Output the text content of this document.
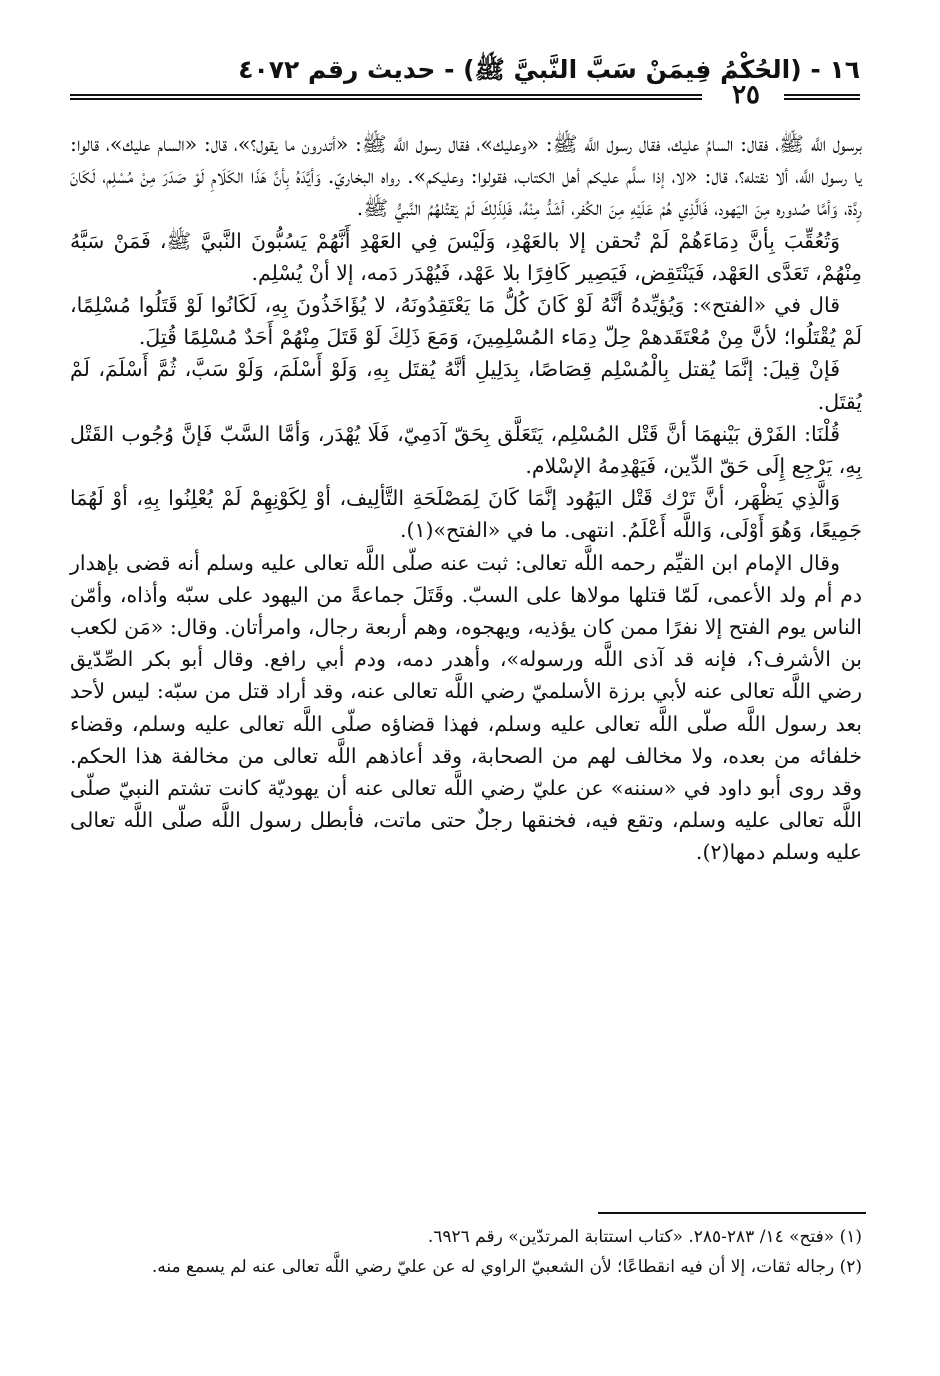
١٦ - (الحُكْمُ فِيمَنْ سَبَّ النَّبيَّ ﷺ) - حديث رقم ٤٠٧٢
٢٥

برسول اللَّه ﷺ، فقال: السامُ عليك، فقال رسول اللَّه ﷺ: «وعليك»، فقال رسول اللَّه ﷺ: «أتدرون ما يقول؟»، قال: «السام عليك»، قالوا: يا رسول اللَّه، ألا نقتله؟، قال: «لا، إذا سلَّم عليكم أهل الكتاب، فقولوا: وعليكم». رواه البخاريّ. وَأيَّدَهُ بِأنَّ هَذَا الكَلَامِ لَوْ صَدَرَ مِنْ مُسْلِم، لَكَانَ رِدَّة، وَأمَّا صُدوره مِنَ اليَهود، فَالَّذِي هُمْ عَلَيْهِ مِنَ الكُفر، أشَدُّ مِنْهُ، فَلِذَلِكَ لَمْ يَقتُلهُمُ النَّبيُّ ﷺ.

وَتُعُقِّبَ بِأنَّ دِمَاءَهُمْ لَمْ تُحقن إلا بالعَهْدِ، وَلَيْسَ فِي العَهْدِ أَنَّهُمْ يَسُبُّونَ النَّبيَّ ﷺ، فَمَنْ سَبَّهُ مِنْهُمْ، تَعَدَّى العَهْد، فَيَنْتَقِض، فَيَصِير كَافِرًا بلا عَهْد، فَيُهْدَر دَمه، إلا أنْ يُسْلِم.

قال في «الفتح»: وَيُؤيِّدهُ أنَّهُ لَوْ كَانَ كُلُّ مَا يَعْتَقِدُونَهُ، لا يُؤَاخَذُونَ بِهِ، لَكَانُوا لَوْ قَتَلُوا مُسْلِمًا، لَمْ يُقْتَلُوا؛ لأنَّ مِنْ مُعْتَقَدهمْ حِلّ دِمَاء المُسْلِمِينَ، وَمَعَ ذَلِكَ لَوْ قَتَلَ مِنْهُمْ أَحَدٌ مُسْلِمًا قُتِلَ.

فَإنْ قِيلَ: إنَّمَا يُقتل بِالْمُسْلِم قِصَاصًا، بِدَلِيلِ أنَّهُ يُقتَل بِهِ، وَلَوْ أَسْلَمَ، وَلَوْ سَبَّ، ثُمَّ أَسْلَمَ، لَمْ يُقتَل.

قُلْنَا: الفَرْق بَيْنهمَا أنَّ قَتْل المُسْلِم، يَتَعَلَّق بِحَقّ آدَمِيّ، فَلَا يُهْدَر، وَأمَّا السَّبّ فَإنَّ وُجُوب القَتْل بِهِ، يَرْجِع إِلَى حَقّ الدِّين، فَيَهْدِمهُ الإسْلام.

وَالَّذِي يَظْهَر، أنَّ تَرْك قَتْل اليَهُود إنَّمَا كَانَ لِمَصْلَحَةِ التَّألِيف، أوْ لِكَوْنِهِمْ لَمْ يُعْلِنُوا بِهِ، أوْ لَهُمَا جَمِيعًا، وَهُوَ أَوْلَى، وَاللَّه أَعْلَمُ. انتهى. ما في «الفتح»(١).

وقال الإمام ابن القيِّم رحمه اللَّه تعالى: ثبت عنه صلّى اللَّه تعالى عليه وسلم أنه قضى بإهدار دم أم ولد الأعمى، لَمّا قتلها مولاها على السبّ. وقَتَلَ جماعةً من اليهود على سبّه وأذاه، وأمّن الناس يوم الفتح إلا نفرًا ممن كان يؤذيه، ويهجوه، وهم أربعة رجال، وامرأتان. وقال: «مَن لكعب بن الأشرف؟، فإنه قد آذى اللَّه ورسوله»، وأهدر دمه، ودم أبي رافع. وقال أبو بكر الصِّدّيق رضي اللَّه تعالى عنه لأبي برزة الأسلميّ رضي اللَّه تعالى عنه، وقد أراد قتل من سبّه: ليس لأحد بعد رسول اللَّه صلّى اللَّه تعالى عليه وسلم، فهذا قضاؤه صلّى اللَّه تعالى عليه وسلم، وقضاء خلفائه من بعده، ولا مخالف لهم من الصحابة، وقد أعاذهم اللَّه تعالى من مخالفة هذا الحكم. وقد روى أبو داود في «سننه» عن عليّ رضي اللَّه تعالى عنه أن يهوديّة كانت تشتم النبيّ صلّى اللَّه تعالى عليه وسلم، وتقع فيه، فخنقها رجلٌ حتى ماتت، فأبطل رسول اللَّه صلّى اللَّه تعالى عليه وسلم دمها(٢).

(١) «فتح» ١٤/ ٢٨٣-٢٨٥. «كتاب استتابة المرتدّين» رقم ٦٩٢٦.

(٢) رجاله ثقات، إلا أن فيه انقطاعًا؛ لأن الشعبيّ الراوي له عن عليّ رضي اللَّه تعالى عنه لم يسمع منه.
